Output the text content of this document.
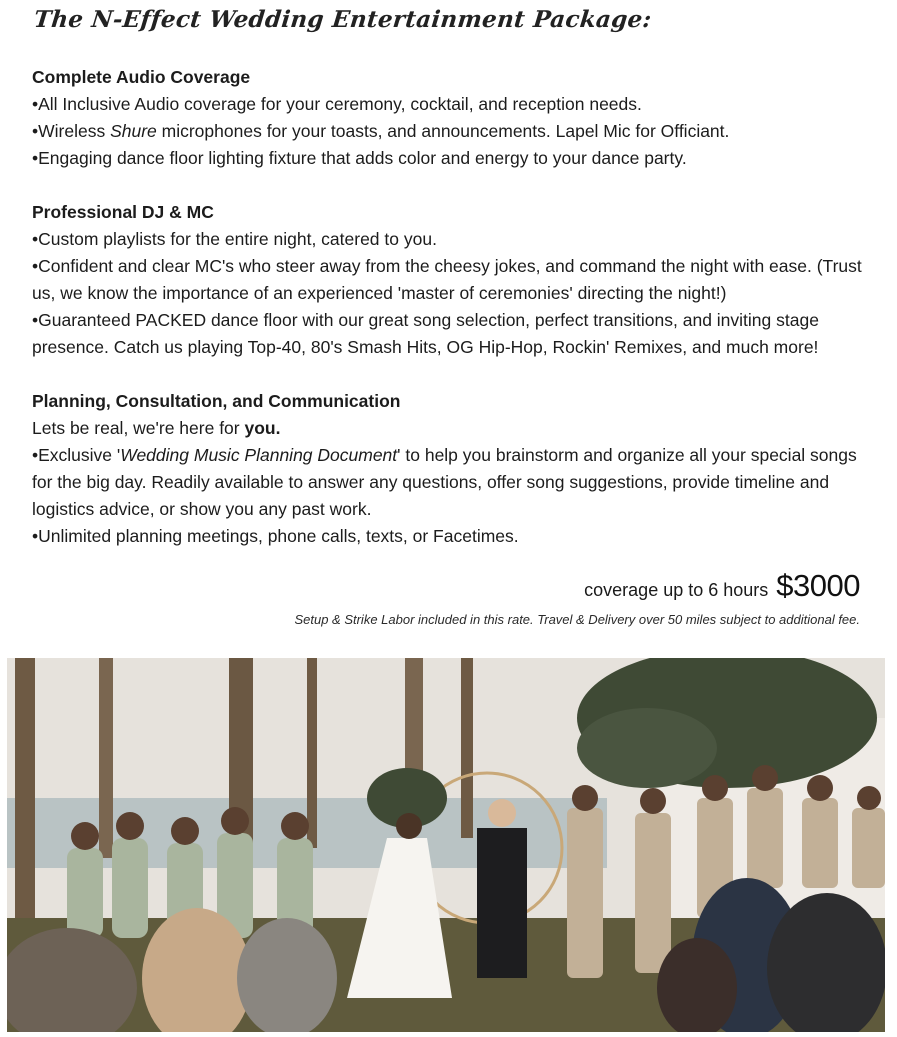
The N-Effect Wedding Entertainment Package:
Complete Audio Coverage
•All Inclusive Audio coverage for your ceremony, cocktail, and reception needs.
•Wireless Shure microphones for your toasts, and announcements. Lapel Mic for Officiant.
•Engaging dance floor lighting fixture that adds color and energy to your dance party.
Professional DJ & MC
•Custom playlists for the entire night, catered to you.
•Confident and clear MC's who steer away from the cheesy jokes, and command the night with ease. (Trust us, we know the importance of an experienced 'master of ceremonies' directing the night!)
•Guaranteed PACKED dance floor with our great song selection, perfect transitions, and inviting stage presence. Catch us playing Top-40, 80's Smash Hits, OG Hip-Hop, Rockin' Remixes, and much more!
Planning, Consultation, and Communication
Lets be real, we're here for you.
•Exclusive 'Wedding Music Planning Document' to help you brainstorm and organize all your special songs for the big day. Readily available to answer any questions, offer song suggestions, provide timeline and logistics advice, or show you any past work.
•Unlimited planning meetings, phone calls, texts, or Facetimes.
coverage up to 6 hours $3000
Setup & Strike Labor included in this rate. Travel & Delivery over 50 miles subject to additional fee.
